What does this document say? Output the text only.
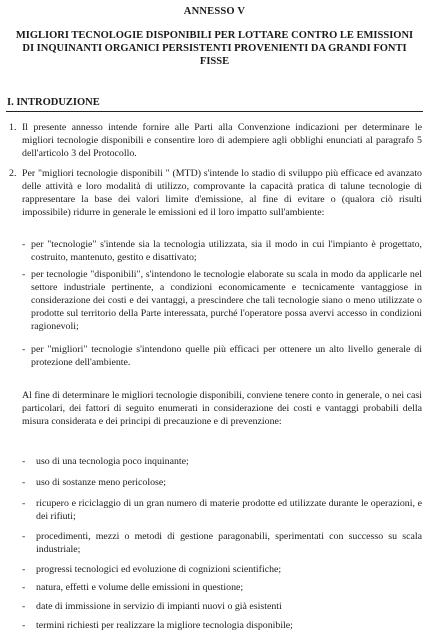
ANNESSO V
MIGLIORI TECNOLOGIE DISPONIBILI PER LOTTARE CONTRO LE EMISSIONI
DI INQUINANTI ORGANICI PERSISTENTI PROVENIENTI DA GRANDI FONTI
FISSE
I. INTRODUZIONE
1. Il presente annesso intende fornire alle Parti alla Convenzione indicazioni per determinare le migliori tecnologie disponibili e consentire loro di adempiere agli obblighi enunciati al paragrafo 5 dell'articolo 3 del Protocollo.
2. Per "migliori tecnologie disponibili " (MTD) s'intende lo stadio di sviluppo più efficace ed avanzato delle attività e loro modalità di utilizzo, comprovante la capacità pratica di talune tecnologie di rappresentare la base dei valori limite d'emissione, al fine di evitare o (qualora ciò risulti impossibile) ridurre in generale le emissioni ed il loro impatto sull'ambiente:
- per "tecnologie" s'intende sia la tecnologia utilizzata, sia il modo in cui l'impianto è progettato, costruito, mantenuto, gestito e disattivato;
- per tecnologie "disponibili", s'intendono le tecnologie elaborate su scala in modo da applicarle nel settore industriale pertinente, a condizioni economicamente e tecnicamente vantaggiose in considerazione dei costi e dei vantaggi, a prescindere che tali tecnologie siano o meno utilizzate o prodotte sul territorio della Parte interessata, purché l'operatore possa avervi accesso in condizioni ragionevoli;
- per "migliori" tecnologie s'intendono quelle più efficaci per ottenere un alto livello generale di protezione dell'ambiente.
Al fine di determinare le migliori tecnologie disponibili, conviene tenere conto in generale, o nei casi particolari, dei fattori di seguito enumerati in considerazione dei costi e vantaggi probabili della misura considerata e dei principi di precauzione e di prevenzione:
- uso di una tecnologia poco inquinante;
- uso di sostanze meno pericolose;
- ricupero e riciclaggio di un gran numero di materie prodotte ed utilizzate durante le operazioni, e dei rifiuti;
- procedimenti, mezzi o metodi di gestione paragonabili, sperimentati con successo su scala industriale;
- progressi tecnologici ed evoluzione di cognizioni scientifiche;
- natura, effetti e volume delle emissioni in questione;
- date di immissione in servizio di impianti nuovi o già esistenti
- termini richiesti per realizzare la migliore tecnologia disponibile;
